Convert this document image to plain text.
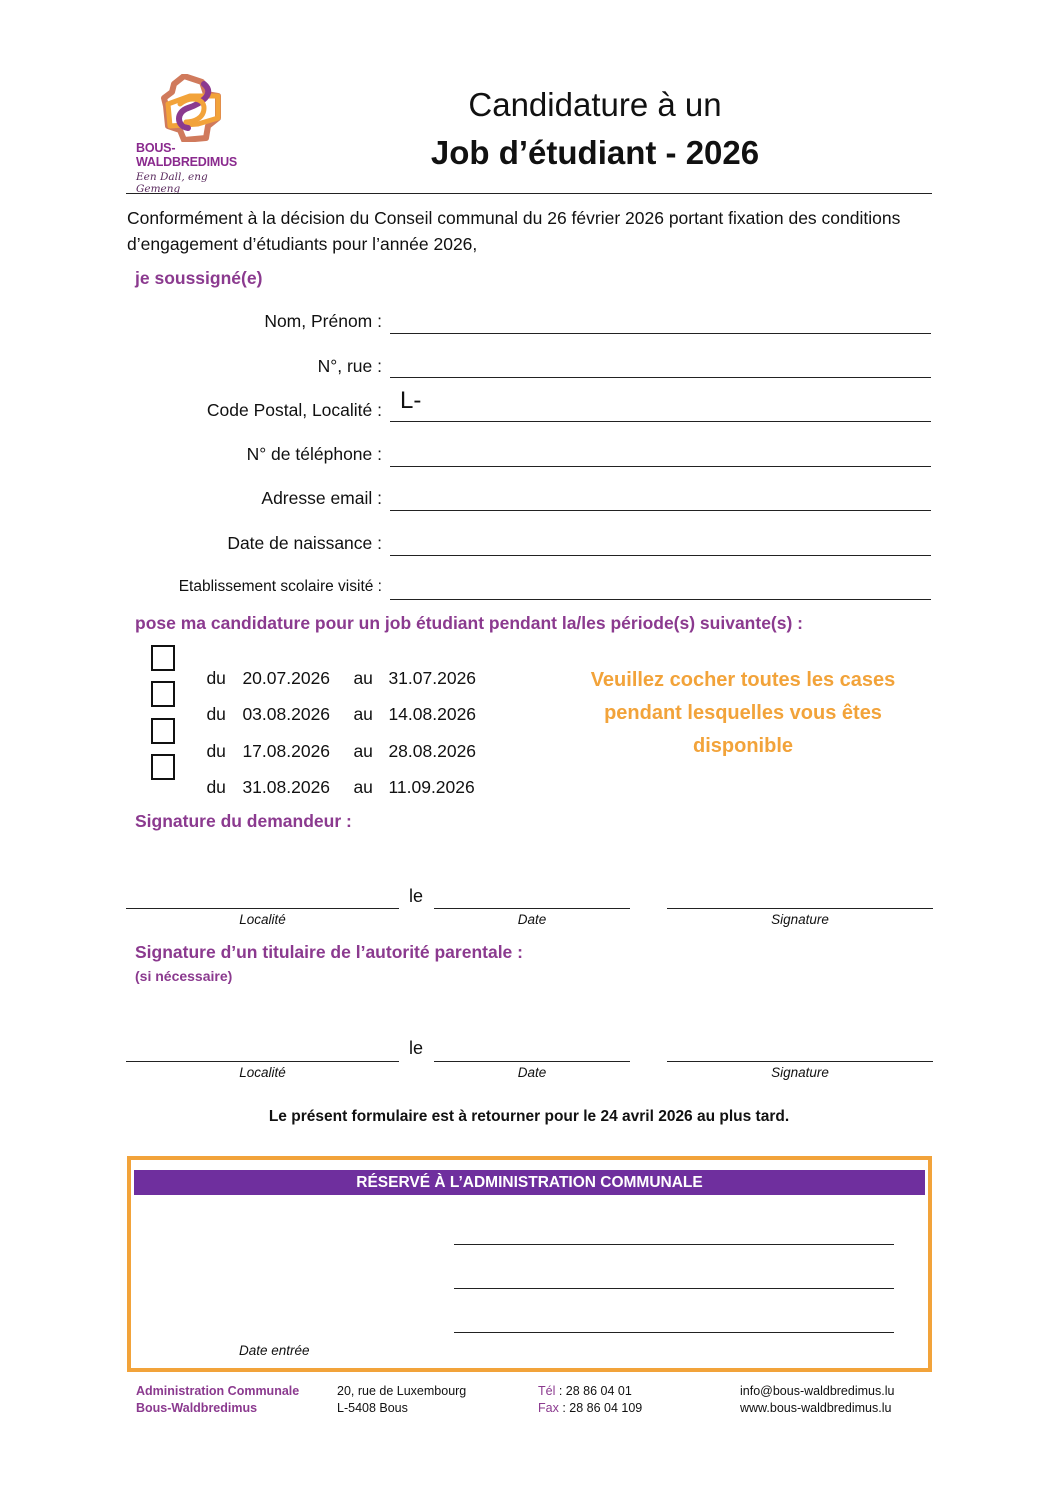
BOUS-
WALDBREDIMUS
Een Dall, eng Gemeng
Candidature à un
Job d’étudiant - 2026
Conformément à la décision du Conseil communal du 26 février 2026 portant fixation des conditions d’engagement d’étudiants pour l’année 2026,
je soussigné(e)
Nom, Prénom :
N°, rue :
Code Postal, Localité : L-
N° de téléphone :
Adresse email :
Date de naissance :
Etablissement scolaire visité :
pose ma candidature pour un job étudiant pendant la/les période(s) suivante(s) :

du 20.07.2026 au 31.07.2026

du 03.08.2026 au 14.08.2026

du 17.08.2026 au 28.08.2026

du 31.08.2026 au 11.09.2026

Veuillez cocher toutes les cases
pendant lesquelles vous êtes
disponible
Signature du demandeur :
le
Localité	Date	Signature
Signature d’un titulaire de l’autorité parentale :
(si nécessaire)
le
Localité	Date	Signature
Le présent formulaire est à retourner pour le 24 avril 2026 au plus tard.
RÉSERVÉ À L’ADMINISTRATION COMMUNALE
Date entrée
Administration Communale
Bous-Waldbredimus
20, rue de Luxembourg
L-5408 Bous
Tél : 28 86 04 01
Fax : 28 86 04 109
info@bous-waldbredimus.lu
www.bous-waldbredimus.lu
